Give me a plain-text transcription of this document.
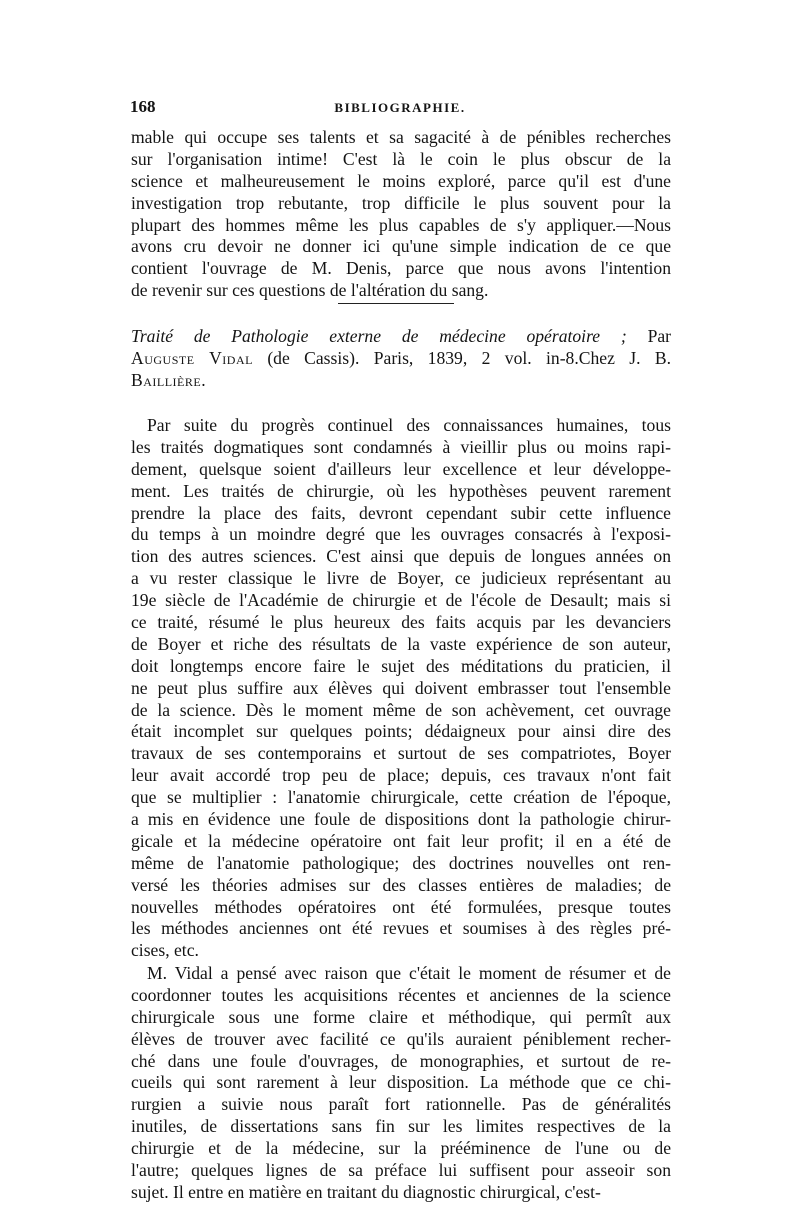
168	BIBLIOGRAPHIE.
mable qui occupe ses talents et sa sagacité à de pénibles recherches
sur l'organisation intime! C'est là le coin le plus obscur de la
science et malheureusement le moins exploré, parce qu'il est d'une
investigation trop rebutante, trop difficile le plus souvent pour la
plupart des hommes même les plus capables de s'y appliquer.—Nous
avons cru devoir ne donner ici qu'une simple indication de ce que
contient l'ouvrage de M. Denis, parce que nous avons l'intention
de revenir sur ces questions de l'altération du sang.
Traité de Pathologie externe de médecine opératoire ; Par
Auguste Vidal (de Cassis). Paris, 1839, 2 vol. in-8.Chez J. B.
Baillière.
Par suite du progrès continuel des connaissances humaines, tous
les traités dogmatiques sont condamnés à vieillir plus ou moins rapi-
dement, quelsque soient d'ailleurs leur excellence et leur développe-
ment. Les traités de chirurgie, où les hypothèses peuvent rarement
prendre la place des faits, devront cependant subir cette influence
du temps à un moindre degré que les ouvrages consacrés à l'exposi-
tion des autres sciences. C'est ainsi que depuis de longues années on
a vu rester classique le livre de Boyer, ce judicieux représentant au
19e siècle de l'Académie de chirurgie et de l'école de Desault; mais si
ce traité, résumé le plus heureux des faits acquis par les devanciers
de Boyer et riche des résultats de la vaste expérience de son auteur,
doit longtemps encore faire le sujet des méditations du praticien, il
ne peut plus suffire aux élèves qui doivent embrasser tout l'ensemble
de la science. Dès le moment même de son achèvement, cet ouvrage
était incomplet sur quelques points; dédaigneux pour ainsi dire des
travaux de ses contemporains et surtout de ses compatriotes, Boyer
leur avait accordé trop peu de place; depuis, ces travaux n'ont fait
que se multiplier : l'anatomie chirurgicale, cette création de l'époque,
a mis en évidence une foule de dispositions dont la pathologie chirur-
gicale et la médecine opératoire ont fait leur profit; il en a été de
même de l'anatomie pathologique; des doctrines nouvelles ont ren-
versé les théories admises sur des classes entières de maladies; de
nouvelles méthodes opératoires ont été formulées, presque toutes
les méthodes anciennes ont été revues et soumises à des règles pré-
cises, etc.
M. Vidal a pensé avec raison que c'était le moment de résumer et de
coordonner toutes les acquisitions récentes et anciennes de la science
chirurgicale sous une forme claire et méthodique, qui permît aux
élèves de trouver avec facilité ce qu'ils auraient péniblement recher-
ché dans une foule d'ouvrages, de monographies, et surtout de re-
cueils qui sont rarement à leur disposition. La méthode que ce chi-
rurgien a suivie nous paraît fort rationnelle. Pas de généralités
inutiles, de dissertations sans fin sur les limites respectives de la
chirurgie et de la médecine, sur la prééminence de l'une ou de
l'autre; quelques lignes de sa préface lui suffisent pour asseoir son
sujet. Il entre en matière en traitant du diagnostic chirurgical, c'est-
